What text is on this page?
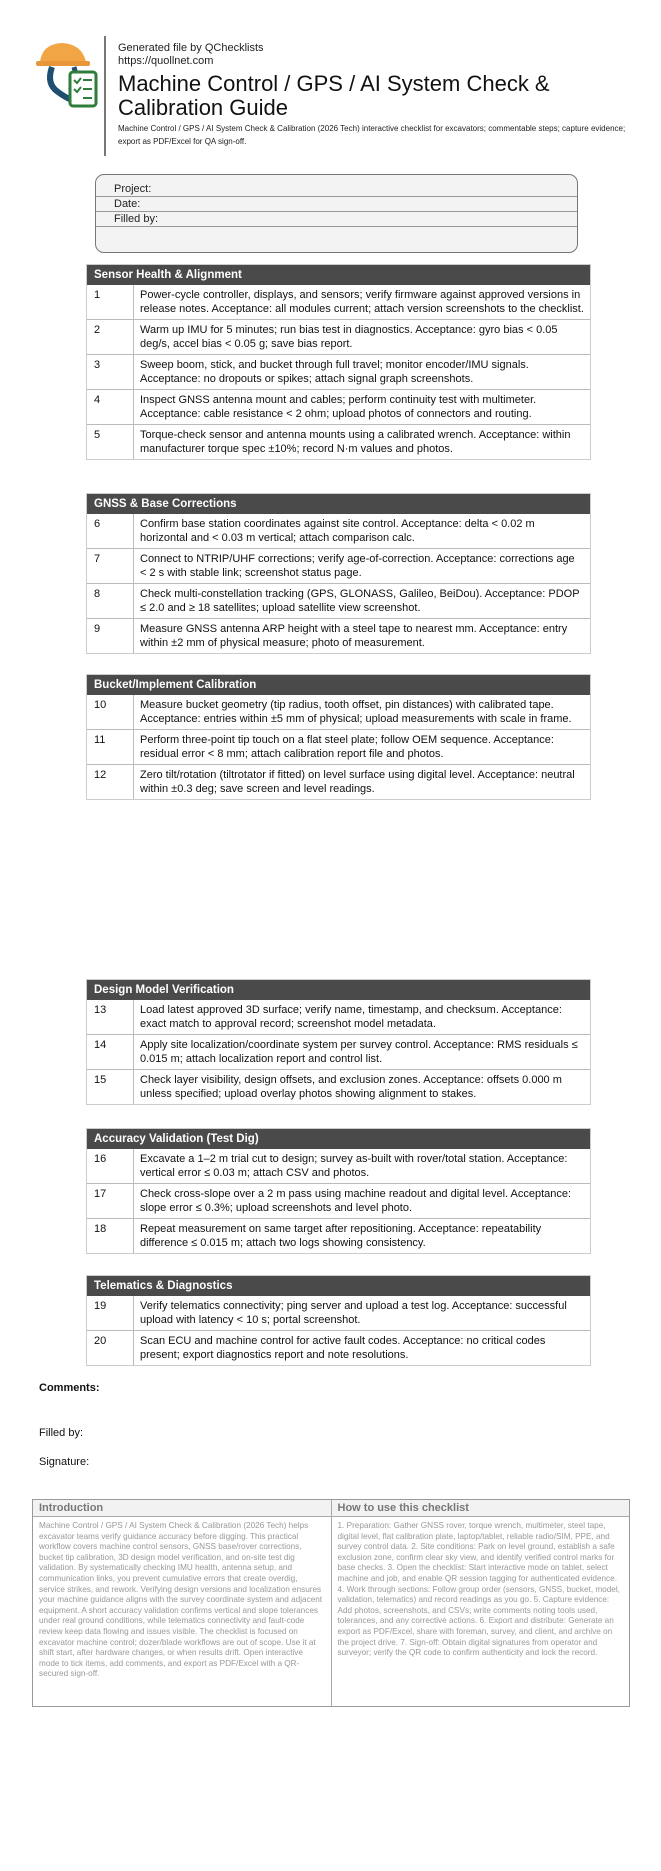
Generated file by QChecklists
https://quollnet.com
Machine Control / GPS / AI System Check & Calibration Guide
Machine Control / GPS / AI System Check & Calibration (2026 Tech) interactive checklist for excavators; commentable steps; capture evidence; export as PDF/Excel for QA sign-off.
Project:
Date:
Filled by:
Sensor Health & Alignment
1	Power-cycle controller, displays, and sensors; verify firmware against approved versions in release notes. Acceptance: all modules current; attach version screenshots to the checklist.
2	Warm up IMU for 5 minutes; run bias test in diagnostics. Acceptance: gyro bias < 0.05 deg/s, accel bias < 0.05 g; save bias report.
3	Sweep boom, stick, and bucket through full travel; monitor encoder/IMU signals. Acceptance: no dropouts or spikes; attach signal graph screenshots.
4	Inspect GNSS antenna mount and cables; perform continuity test with multimeter. Acceptance: cable resistance < 2 ohm; upload photos of connectors and routing.
5	Torque-check sensor and antenna mounts using a calibrated wrench. Acceptance: within manufacturer torque spec ±10%; record N·m values and photos.
GNSS & Base Corrections
6	Confirm base station coordinates against site control. Acceptance: delta < 0.02 m horizontal and < 0.03 m vertical; attach comparison calc.
7	Connect to NTRIP/UHF corrections; verify age-of-correction. Acceptance: corrections age < 2 s with stable link; screenshot status page.
8	Check multi-constellation tracking (GPS, GLONASS, Galileo, BeiDou). Acceptance: PDOP ≤ 2.0 and ≥ 18 satellites; upload satellite view screenshot.
9	Measure GNSS antenna ARP height with a steel tape to nearest mm. Acceptance: entry within ±2 mm of physical measure; photo of measurement.
Bucket/Implement Calibration
10	Measure bucket geometry (tip radius, tooth offset, pin distances) with calibrated tape. Acceptance: entries within ±5 mm of physical; upload measurements with scale in frame.
11	Perform three-point tip touch on a flat steel plate; follow OEM sequence. Acceptance: residual error < 8 mm; attach calibration report file and photos.
12	Zero tilt/rotation (tiltrotator if fitted) on level surface using digital level. Acceptance: neutral within ±0.3 deg; save screen and level readings.
Design Model Verification
13	Load latest approved 3D surface; verify name, timestamp, and checksum. Acceptance: exact match to approval record; screenshot model metadata.
14	Apply site localization/coordinate system per survey control. Acceptance: RMS residuals ≤ 0.015 m; attach localization report and control list.
15	Check layer visibility, design offsets, and exclusion zones. Acceptance: offsets 0.000 m unless specified; upload overlay photos showing alignment to stakes.
Accuracy Validation (Test Dig)
16	Excavate a 1–2 m trial cut to design; survey as-built with rover/total station. Acceptance: vertical error ≤ 0.03 m; attach CSV and photos.
17	Check cross-slope over a 2 m pass using machine readout and digital level. Acceptance: slope error ≤ 0.3%; upload screenshots and level photo.
18	Repeat measurement on same target after repositioning. Acceptance: repeatability difference ≤ 0.015 m; attach two logs showing consistency.
Telematics & Diagnostics
19	Verify telematics connectivity; ping server and upload a test log. Acceptance: successful upload with latency < 10 s; portal screenshot.
20	Scan ECU and machine control for active fault codes. Acceptance: no critical codes present; export diagnostics report and note resolutions.
Comments:
Filled by:
Signature:
Introduction
Machine Control / GPS / AI System Check & Calibration (2026 Tech) helps excavator teams verify guidance accuracy before digging. This practical workflow covers machine control sensors, GNSS base/rover corrections, bucket tip calibration, 3D design model verification, and on-site test dig validation. By systematically checking IMU health, antenna setup, and communication links, you prevent cumulative errors that create overdig, service strikes, and rework. Verifying design versions and localization ensures your machine guidance aligns with the survey coordinate system and adjacent equipment. A short accuracy validation confirms vertical and slope tolerances under real ground conditions, while telematics connectivity and fault-code review keep data flowing and issues visible. The checklist is focused on excavator machine control; dozer/blade workflows are out of scope. Use it at shift start, after hardware changes, or when results drift. Open interactive mode to tick items, add comments, and export as PDF/Excel with a QR-secured sign-off.
How to use this checklist
1. Preparation: Gather GNSS rover, torque wrench, multimeter, steel tape, digital level, flat calibration plate, laptop/tablet, reliable radio/SIM, PPE, and survey control data. 2. Site conditions: Park on level ground, establish a safe exclusion zone, confirm clear sky view, and identify verified control marks for base checks. 3. Open the checklist: Start interactive mode on tablet, select machine and job, and enable QR session tagging for authenticated evidence. 4. Work through sections: Follow group order (sensors, GNSS, bucket, model, validation, telematics) and record readings as you go. 5. Capture evidence: Add photos, screenshots, and CSVs; write comments noting tools used, tolerances, and any corrective actions. 6. Export and distribute: Generate an export as PDF/Excel, share with foreman, survey, and client, and archive on the project drive. 7. Sign-off: Obtain digital signatures from operator and surveyor; verify the QR code to confirm authenticity and lock the record.
